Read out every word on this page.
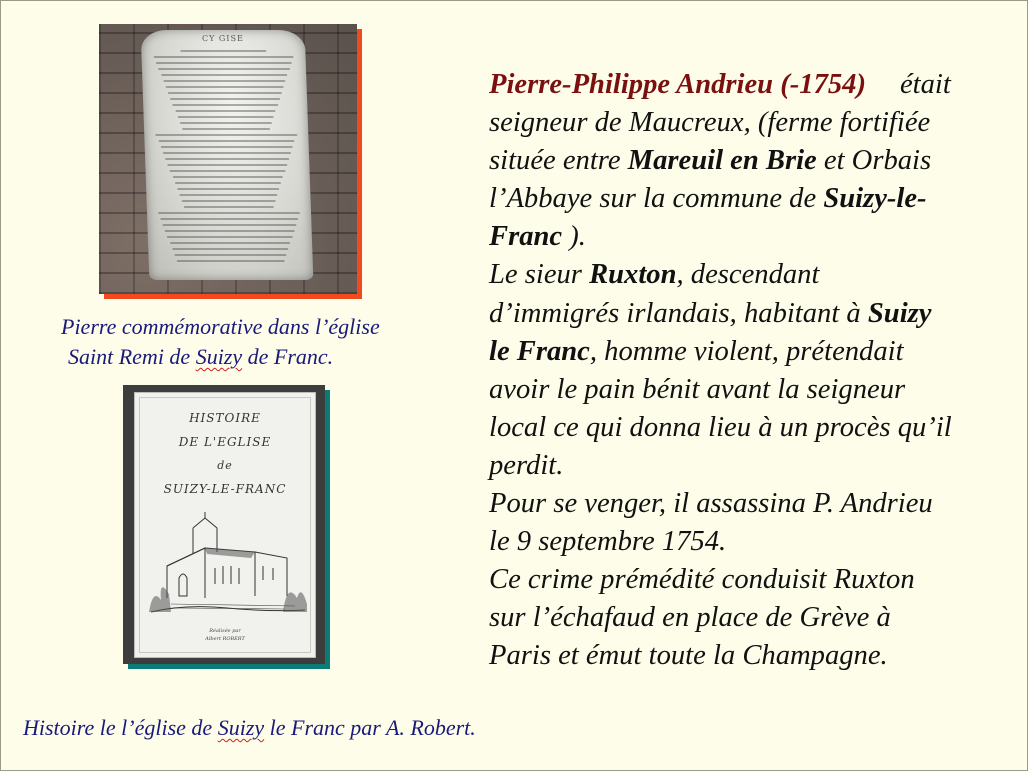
CY GISE
Pierre commémorative dans l’église
Saint Remi de Suizy de Franc.
HISTOIRE
DE L'EGLISE
de
SUIZY-LE-FRANC
Réalisée par
Albert ROBERT
Pierre-Philippe Andrieu (-1754) était
seigneur de Maucreux, (ferme fortifiée
située entre Mareuil en Brie et Orbais
l’Abbaye sur la commune de Suizy-le-
Franc ).
Le sieur Ruxton, descendant
d’immigrés irlandais, habitant à Suizy
le Franc, homme violent, prétendait
avoir le pain bénit avant la seigneur
local ce qui donna lieu à un procès qu’il
perdit.
Pour se venger, il assassina P. Andrieu
le 9 septembre 1754.
Ce crime prémédité conduisit Ruxton
sur l’échafaud en place de Grève à
Paris et émut toute la Champagne.
Histoire le l’église de Suizy le Franc par A. Robert.
